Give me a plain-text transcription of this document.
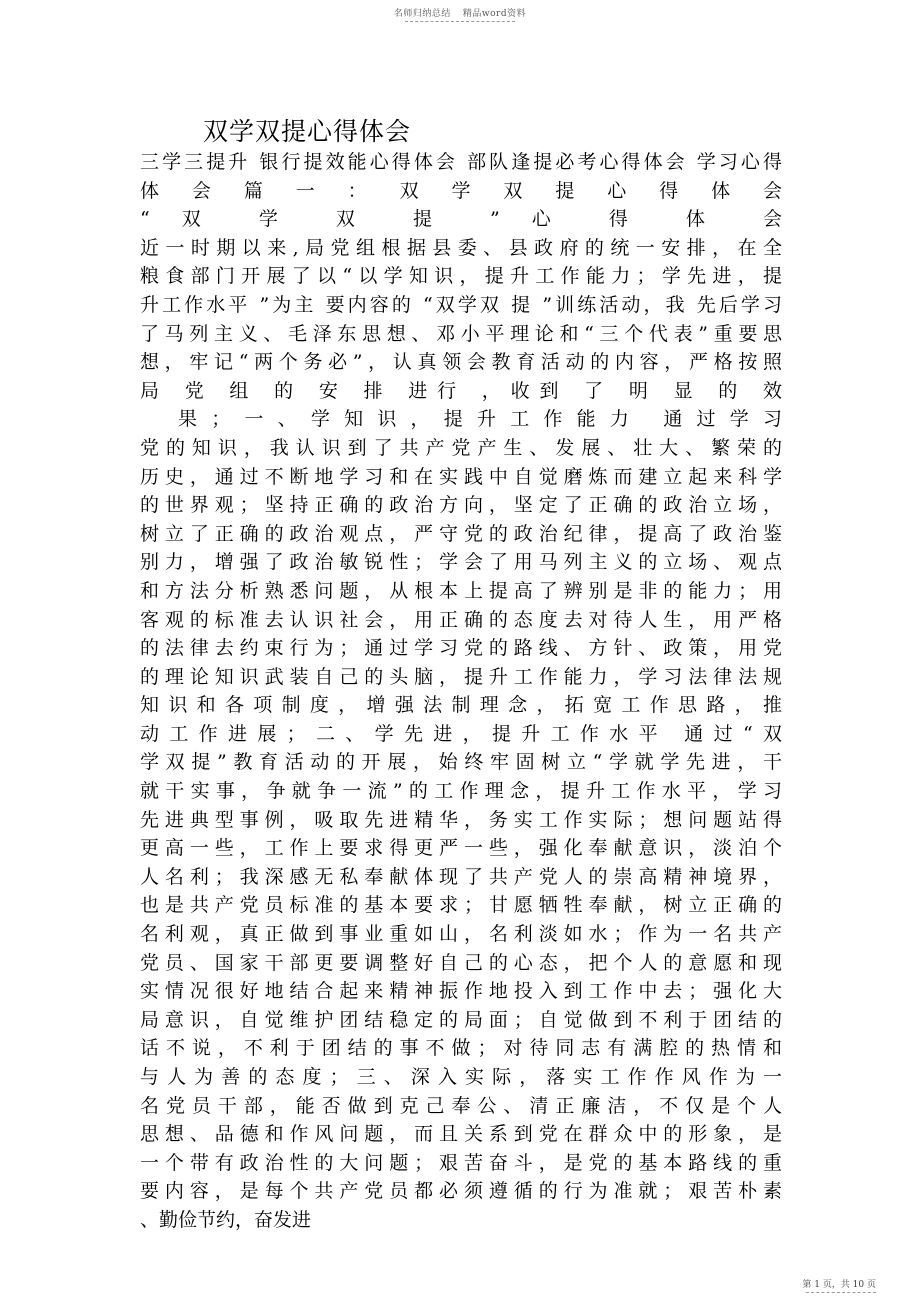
名师归纳总结 精品word资料
双学双提心得体会
三学三提升 银行提效能心得体会 部队逢提必考心得体会 学习心得
体 会 篇 一 ： 双 学 双 提 心 得 体 会
“ 双 学 双 提 ” 心 得 体 会
近一时期以来,局党组根据县委、县政府的统一安排，在全
粮食部门开展了以“以学知识，提升工作能力；学先进，提
升工作水平 ”为主 要内容的 “双学双 提 ”训练活动，我 先后学习
了马列主义、毛泽东思想、邓小平理论和“三个代表”重要思
想，牢记“两个务必”，认真领会教育活动的内容，严格按照
局 党 组 的 安 排 进行 ，收到 了 明 显 的 效
果；一、学知识，提升工作能力 通过学习
党的知识，我认识到了共产党产生、发展、壮大、繁荣的
历史，通过不断地学习和在实践中自觉磨炼而建立起来科学
的世界观；坚持正确的政治方向，坚定了正确的政治立场，
树立了正确的政治观点，严守党的政治纪律，提高了政治鉴
别力，增强了政治敏锐性；学会了用马列主义的立场、观点
和方法分析熟悉问题，从根本上提高了辨别是非的能力；用
客观的标准去认识社会，用正确的态度去对待人生，用严格
的法律去约束行为；通过学习党的路线、方针、政策，用党
的理论知识武装自己的头脑，提升工作能力，学习法律法规
知识和各项制度，增强法制理念，拓宽工作思路，推
动工作进展；二、学先进，提升工作水平 通过“双
学双提”教育活动的开展，始终牢固树立“学就学先进，干
就干实事，争就争一流”的工作理念，提升工作水平，学习
先进典型事例，吸取先进精华，务实工作实际；想问题站得
更高一些，工作上要求得更严一些，强化奉献意识，淡泊个
人名利；我深感无私奉献体现了共产党人的崇高精神境界，
也是共产党员标准的基本要求；甘愿牺牲奉献，树立正确的
名利观，真正做到事业重如山，名利淡如水；作为一名共产
党员、国家干部更要调整好自己的心态，把个人的意愿和现
实情况很好地结合起来精神振作地投入到工作中去；强化大
局意识，自觉维护团结稳定的局面；自觉做到不利于团结的
话不说，不利于团结的事不做；对待同志有满腔的热情和
与人为善的态度；三、深入实际，落实工作作风作为一
名党员干部，能否做到克己奉公、清正廉洁，不仅是个人
思想、品德和作风问题，而且关系到党在群众中的形象，是
一个带有政治性的大问题；艰苦奋斗，是党的基本路线的重
要内容，是每个共产党员都必须遵循的行为准就；艰苦朴素
、勤俭节约，奋发进
第 1 页，共 10 页
